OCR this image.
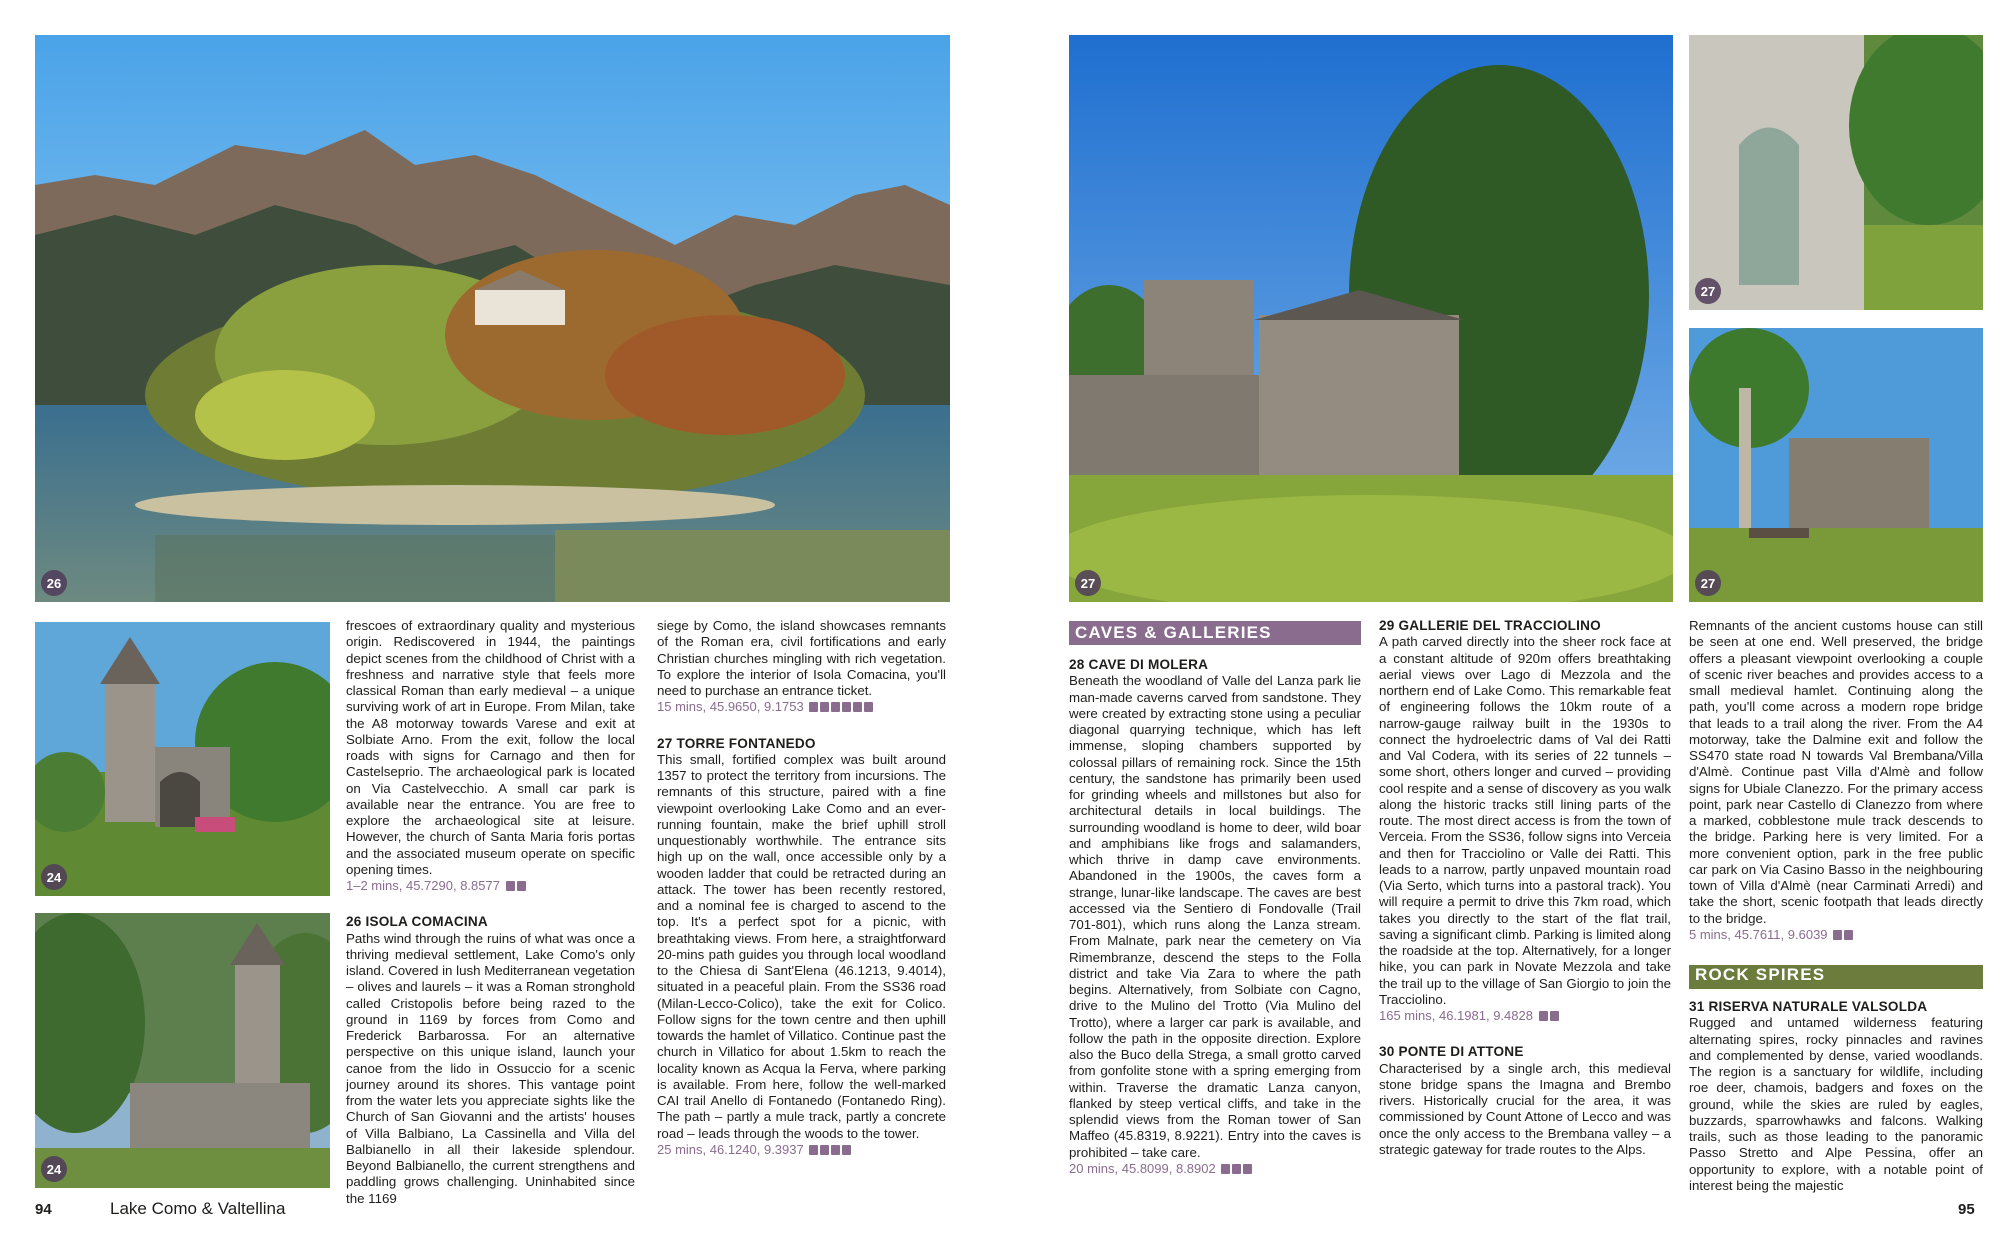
26
24
24
27
27
27

frescoes of extraordinary quality and mysterious origin. Rediscovered in 1944, the paintings depict scenes from the childhood of Christ with a freshness and narrative style that feels more classical Roman than early medieval – a unique surviving work of art in Europe. From Milan, take the A8 motorway towards Varese and exit at Solbiate Arno. From the exit, follow the local roads with signs for Carnago and then for Castelseprio. The archaeological park is located on Via Castelvecchio. A small car park is available near the entrance. You are free to explore the archaeological site at leisure. However, the church of Santa Maria foris portas and the associated museum operate on specific opening times.

1–2 mins, 45.7290, 8.8577

26 ISOLA COMACINA

Paths wind through the ruins of what was once a thriving medieval settlement, Lake Como's only island. Covered in lush Mediterranean vegetation – olives and laurels – it was a Roman stronghold called Cristopolis before being razed to the ground in 1169 by forces from Como and Frederick Barbarossa. For an alternative perspective on this unique island, launch your canoe from the lido in Ossuccio for a scenic journey around its shores. This vantage point from the water lets you appreciate sights like the Church of San Giovanni and the artists' houses of Villa Balbiano, La Cassinella and Villa del Balbianello in all their lakeside splendour. Beyond Balbianello, the current strengthens and paddling grows challenging. Uninhabited since the 1169

siege by Como, the island showcases remnants of the Roman era, civil fortifications and early Christian churches mingling with rich vegetation. To explore the interior of Isola Comacina, you'll need to purchase an entrance ticket.

15 mins, 45.9650, 9.1753

27 TORRE FONTANEDO

This small, fortified complex was built around 1357 to protect the territory from incursions. The remnants of this structure, paired with a fine viewpoint overlooking Lake Como and an ever-running fountain, make the brief uphill stroll unquestionably worthwhile. The entrance sits high up on the wall, once accessible only by a wooden ladder that could be retracted during an attack. The tower has been recently restored, and a nominal fee is charged to ascend to the top. It's a perfect spot for a picnic, with breathtaking views. From here, a straightforward 20-mins path guides you through local woodland to the Chiesa di Sant'Elena (46.1213, 9.4014), situated in a peaceful plain. From the SS36 road (Milan-Lecco-Colico), take the exit for Colico. Follow signs for the town centre and then uphill towards the hamlet of Villatico. Continue past the church in Villatico for about 1.5km to reach the locality known as Acqua la Ferva, where parking is available. From here, follow the well-marked CAI trail Anello di Fontanedo (Fontanedo Ring). The path – partly a mule track, partly a concrete road – leads through the woods to the tower.

25 mins, 46.1240, 9.3937

CAVES & GALLERIES

28 CAVE DI MOLERA

Beneath the woodland of Valle del Lanza park lie man-made caverns carved from sandstone. They were created by extracting stone using a peculiar diagonal quarrying technique, which has left immense, sloping chambers supported by colossal pillars of remaining rock. Since the 15th century, the sandstone has primarily been used for grinding wheels and millstones but also for architectural details in local buildings. The surrounding woodland is home to deer, wild boar and amphibians like frogs and salamanders, which thrive in damp cave environments. Abandoned in the 1900s, the caves form a strange, lunar-like landscape. The caves are best accessed via the Sentiero di Fondovalle (Trail 701-801), which runs along the Lanza stream. From Malnate, park near the cemetery on Via Rimembranze, descend the steps to the Folla district and take Via Zara to where the path begins. Alternatively, from Solbiate con Cagno, drive to the Mulino del Trotto (Via Mulino del Trotto), where a larger car park is available, and follow the path in the opposite direction. Explore also the Buco della Strega, a small grotto carved from gonfolite stone with a spring emerging from within. Traverse the dramatic Lanza canyon, flanked by steep vertical cliffs, and take in the splendid views from the Roman tower of San Maffeo (45.8319, 8.9221). Entry into the caves is prohibited – take care.

20 mins, 45.8099, 8.8902

29 GALLERIE DEL TRACCIOLINO

A path carved directly into the sheer rock face at a constant altitude of 920m offers breathtaking aerial views over Lago di Mezzola and the northern end of Lake Como. This remarkable feat of engineering follows the 10km route of a narrow-gauge railway built in the 1930s to connect the hydroelectric dams of Val dei Ratti and Val Codera, with its series of 22 tunnels – some short, others longer and curved – providing cool respite and a sense of discovery as you walk along the historic tracks still lining parts of the route. The most direct access is from the town of Verceia. From the SS36, follow signs into Verceia and then for Tracciolino or Valle dei Ratti. This leads to a narrow, partly unpaved mountain road (Via Serto, which turns into a pastoral track). You will require a permit to drive this 7km road, which takes you directly to the start of the flat trail, saving a significant climb. Parking is limited along the roadside at the top. Alternatively, for a longer hike, you can park in Novate Mezzola and take the trail up to the village of San Giorgio to join the Tracciolino.

165 mins, 46.1981, 9.4828

30 PONTE DI ATTONE

Characterised by a single arch, this medieval stone bridge spans the Imagna and Brembo rivers. Historically crucial for the area, it was commissioned by Count Attone of Lecco and was once the only access to the Brembana valley – a strategic gateway for trade routes to the Alps.

Remnants of the ancient customs house can still be seen at one end. Well preserved, the bridge offers a pleasant viewpoint overlooking a couple of scenic river beaches and provides access to a small medieval hamlet. Continuing along the path, you'll come across a modern rope bridge that leads to a trail along the river. From the A4 motorway, take the Dalmine exit and follow the SS470 state road N towards Val Brembana/Villa d'Almè. Continue past Villa d'Almè and follow signs for Ubiale Clanezzo. For the primary access point, park near Castello di Clanezzo from where a marked, cobblestone mule track descends to the bridge. Parking here is very limited. For a more convenient option, park in the free public car park on Via Casino Basso in the neighbouring town of Villa d'Almè (near Carminati Arredi) and take the short, scenic footpath that leads directly to the bridge.

5 mins, 45.7611, 9.6039

ROCK SPIRES

31 RISERVA NATURALE VALSOLDA

Rugged and untamed wilderness featuring alternating spires, rocky pinnacles and ravines and complemented by dense, varied woodlands. The region is a sanctuary for wildlife, including roe deer, chamois, badgers and foxes on the ground, while the skies are ruled by eagles, buzzards, sparrowhawks and falcons. Walking trails, such as those leading to the panoramic Passo Stretto and Alpe Pessina, offer an opportunity to explore, with a notable point of interest being the majestic

94	Lake Como & Valtellina	95
